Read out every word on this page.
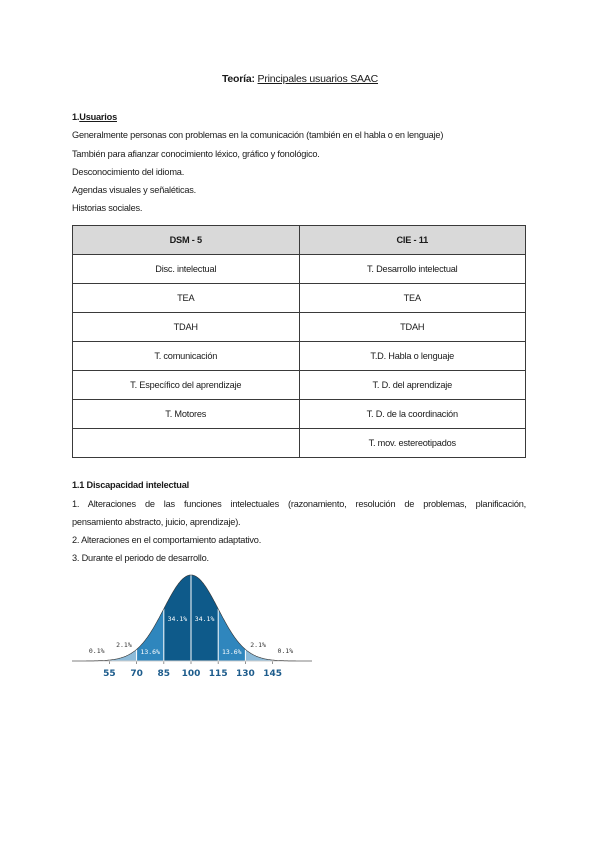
Teoría: Principales usuarios SAAC
1.Usuarios
Generalmente personas con problemas en la comunicación (también en el habla o en lenguaje)
También para afianzar conocimiento léxico, gráfico y fonológico.
Desconocimiento del idioma.
Agendas visuales y señaléticas.
Historias sociales.
DSM - 5	CIE - 11
Disc. intelectual	T. Desarrollo intelectual
TEA	TEA
TDAH	TDAH
T. comunicación	T.D. Habla o lenguaje
T. Específico del aprendizaje	T. D. del aprendizaje
T. Motores	T. D. de la coordinación
	T. mov. estereotipados
1.1 Discapacidad intelectual
1. Alteraciones de las funciones intelectuales (razonamiento, resolución de problemas, planificación,
pensamiento abstracto, juicio, aprendizaje).
2. Alteraciones en el comportamiento adaptativo.
3. Durante el periodo de desarrollo.
55 70 85 100 115 130 145
0.1%
2.1%
13.6%
34.1% 34.1%
13.6%
2.1%
0.1%
